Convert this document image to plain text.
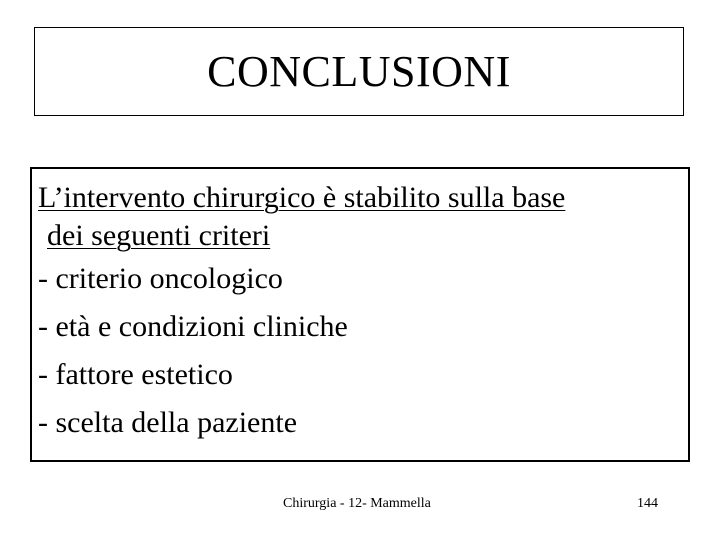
CONCLUSIONI
L’intervento chirurgico è stabilito sulla base
dei seguenti criteri
- criterio oncologico
- età e condizioni cliniche
- fattore estetico
- scelta della paziente
Chirurgia - 12- Mammella	144
